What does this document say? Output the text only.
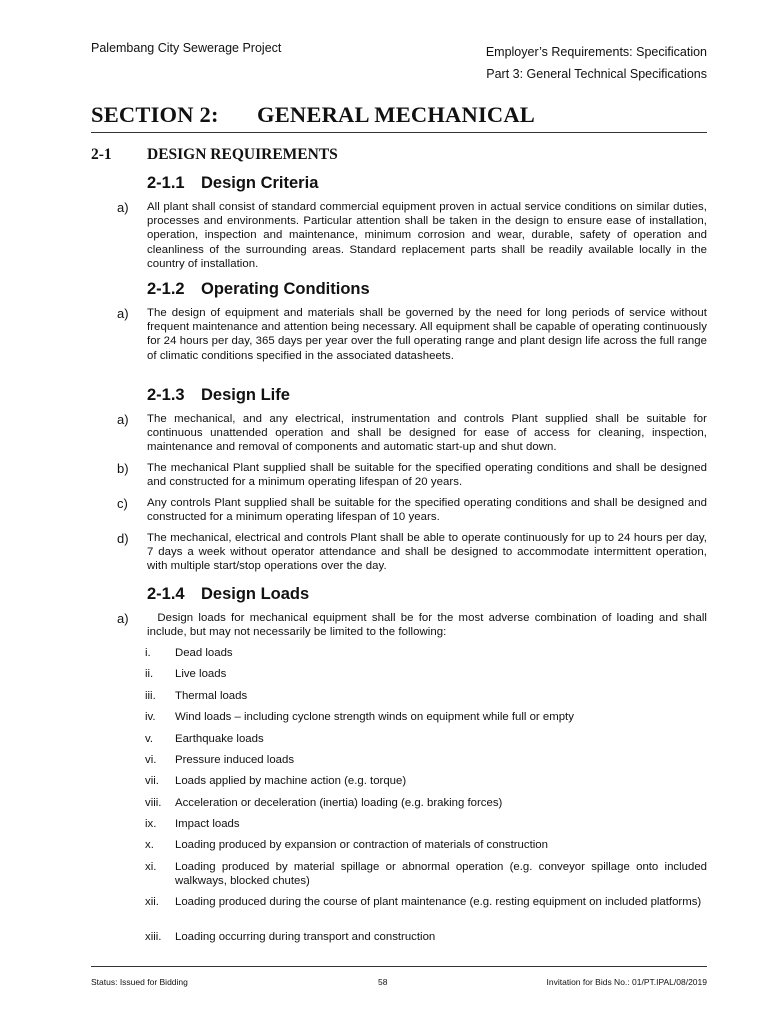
Palembang City Sewerage Project	Employer’s Requirements: Specification
Part 3: General Technical Specifications
SECTION 2: GENERAL MECHANICAL
2-1 DESIGN REQUIREMENTS
2-1.1 Design Criteria
a) All plant shall consist of standard commercial equipment proven in actual service conditions on similar duties, processes and environments. Particular attention shall be taken in the design to ensure ease of installation, operation, inspection and maintenance, minimum corrosion and wear, durable, safety of operation and cleanliness of the surrounding areas. Standard replacement parts shall be readily available locally in the country of installation.
2-1.2 Operating Conditions
a) The design of equipment and materials shall be governed by the need for long periods of service without frequent maintenance and attention being necessary. All equipment shall be capable of operating continuously for 24 hours per day, 365 days per year over the full operating range and plant design life across the full range of climatic conditions specified in the associated datasheets.
2-1.3 Design Life
a) The mechanical, and any electrical, instrumentation and controls Plant supplied shall be suitable for continuous unattended operation and shall be designed for ease of access for cleaning, inspection, maintenance and removal of components and automatic start-up and shut down.
b) The mechanical Plant supplied shall be suitable for the specified operating conditions and shall be designed and constructed for a minimum operating lifespan of 20 years.
c) Any controls Plant supplied shall be suitable for the specified operating conditions and shall be designed and constructed for a minimum operating lifespan of 10 years.
d) The mechanical, electrical and controls Plant shall be able to operate continuously for up to 24 hours per day, 7 days a week without operator attendance and shall be designed to accommodate intermittent operation, with multiple start/stop operations over the day.
2-1.4 Design Loads
a) Design loads for mechanical equipment shall be for the most adverse combination of loading and shall include, but may not necessarily be limited to the following:
i. Dead loads
ii. Live loads
iii. Thermal loads
iv. Wind loads – including cyclone strength winds on equipment while full or empty
v. Earthquake loads
vi. Pressure induced loads
vii. Loads applied by machine action (e.g. torque)
viii. Acceleration or deceleration (inertia) loading (e.g. braking forces)
ix. Impact loads
x. Loading produced by expansion or contraction of materials of construction
xi. Loading produced by material spillage or abnormal operation (e.g. conveyor spillage onto included walkways, blocked chutes)
xii. Loading produced during the course of plant maintenance (e.g. resting equipment on included platforms)
xiii. Loading occurring during transport and construction
Status: Issued for Bidding	58	Invitation for Bids No.: 01/PT.IPAL/08/2019
